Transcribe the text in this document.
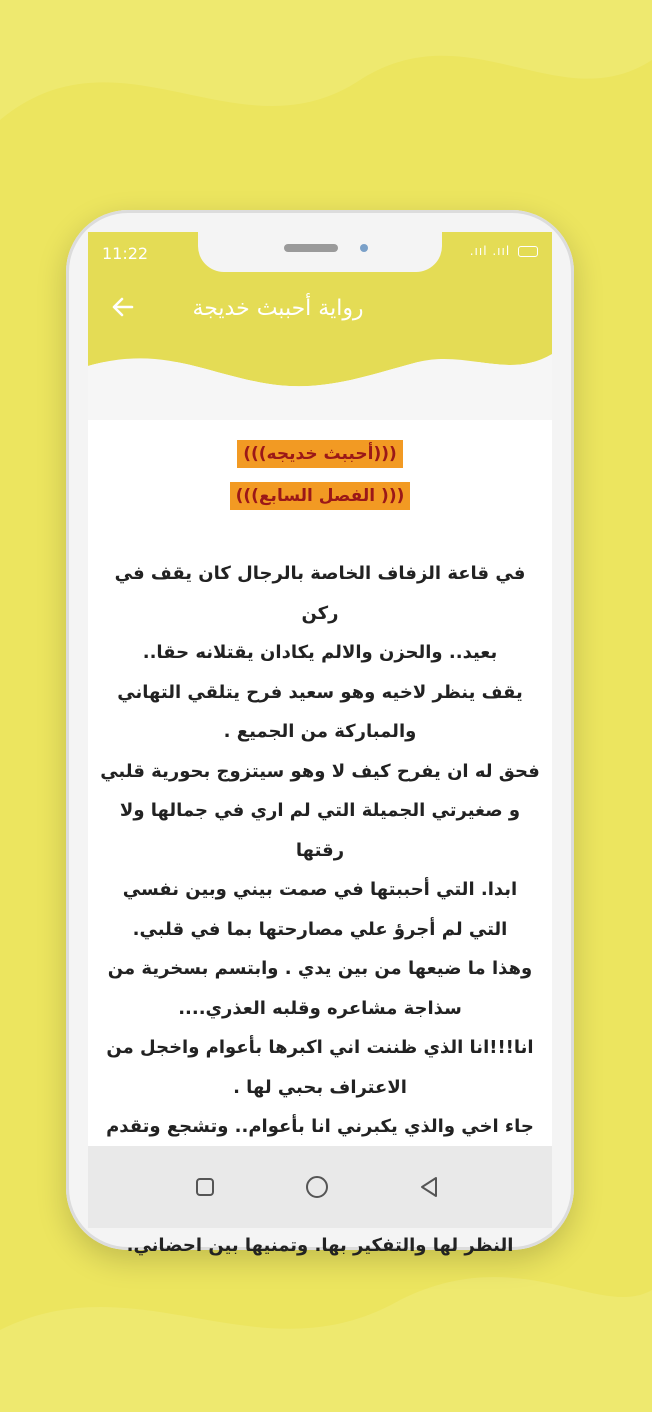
11:22	.ııl .ııl
رواية أحببث خديجة
(((أحببث خديجه)))
((( الفصل السابع)))

في قاعة الزفاف الخاصة بالرجال كان يقف في ركن

بعيد.. والحزن والالم يكادان يقتلانه حقا..

يقف ينظر لاخيه وهو سعيد فرح يتلقي التهاني

والمباركة من الجميع .

فحق له ان يفرح كيف لا وهو سيتزوج بحورية قلبي

و صغيرتي الجميلة التي لم اري في جمالها ولا رقتها

ابدا. التي أحببتها في صمت بيني وبين نفسي

التي لم أجرؤ علي مصارحتها بما في قلبي.

وهذا ما ضيعها من بين يدي . وابتسم بسخرية من

سذاجة مشاعره وقلبه العذري....

انا!!!انا الذي ظننت اني اكبرها بأعوام واخجل من

الاعتراف بحبي لها .

جاء اخي والذي يكبرني انا بأعوام.. وتشجع وتقدم

النظر لها والتفكير بها. وتمنيها بين احضاني.
